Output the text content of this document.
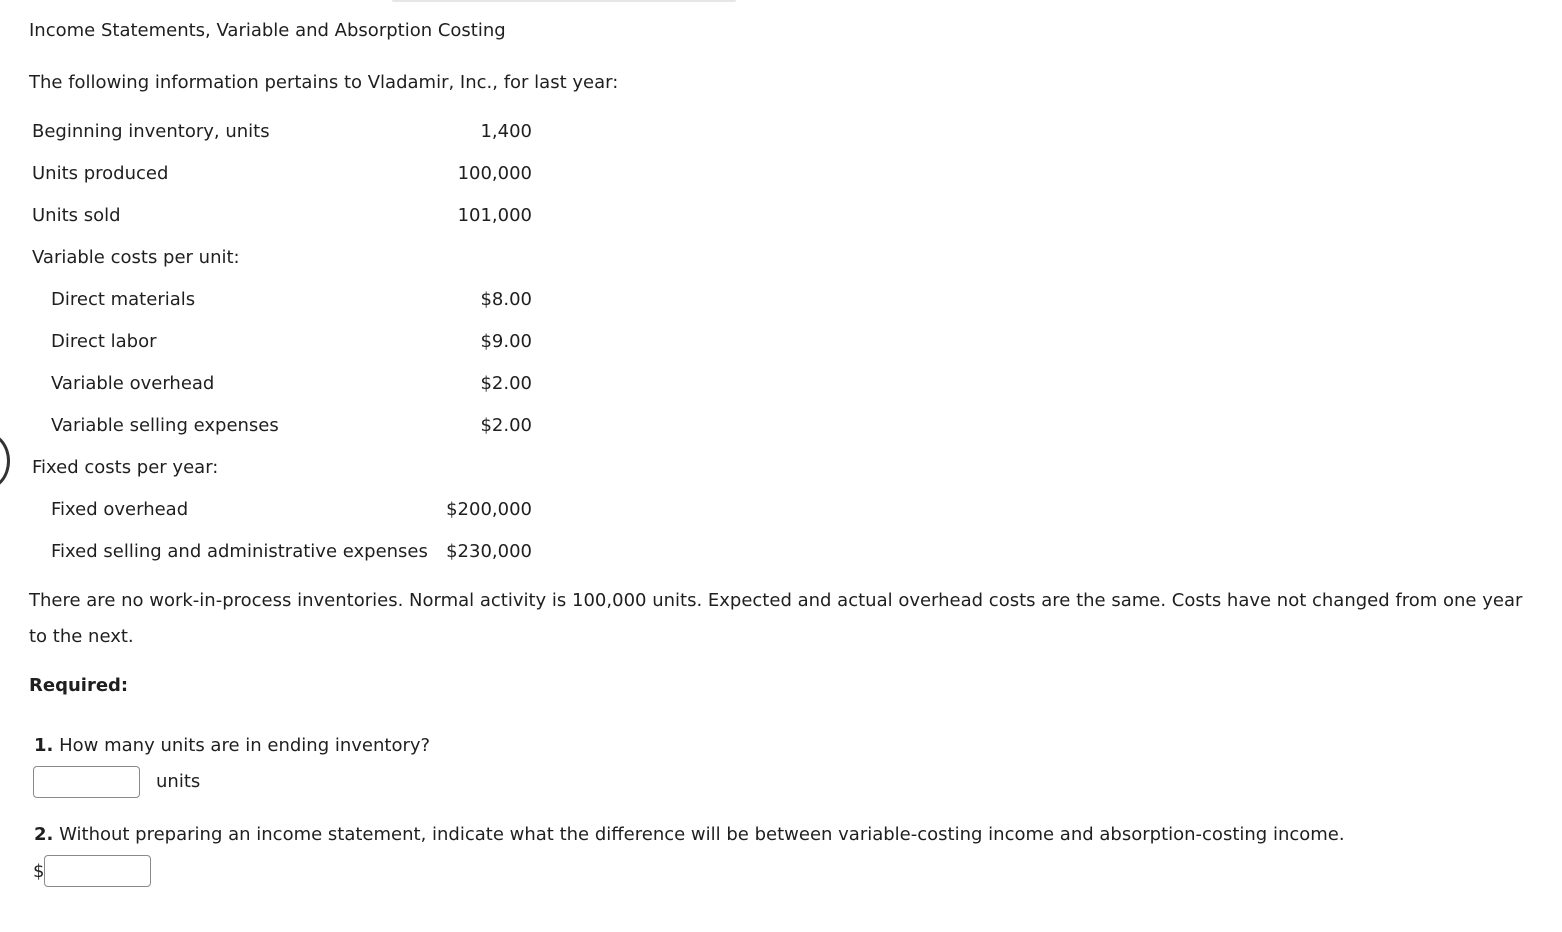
Income Statements, Variable and Absorption Costing
The following information pertains to Vladamir, Inc., for last year:
Beginning inventory, units	1,400
Units produced	100,000
Units sold	101,000
Variable costs per unit:
Direct materials	$8.00
Direct labor	$9.00
Variable overhead	$2.00
Variable selling expenses	$2.00
Fixed costs per year:
Fixed overhead	$200,000
Fixed selling and administrative expenses $230,000
There are no work-in-process inventories. Normal activity is 100,000 units. Expected and actual overhead costs are the same. Costs have not changed from one year to the next.
Required:
1. How many units are in ending inventory?
units
2. Without preparing an income statement, indicate what the difference will be between variable-costing income and absorption-costing income.
$
